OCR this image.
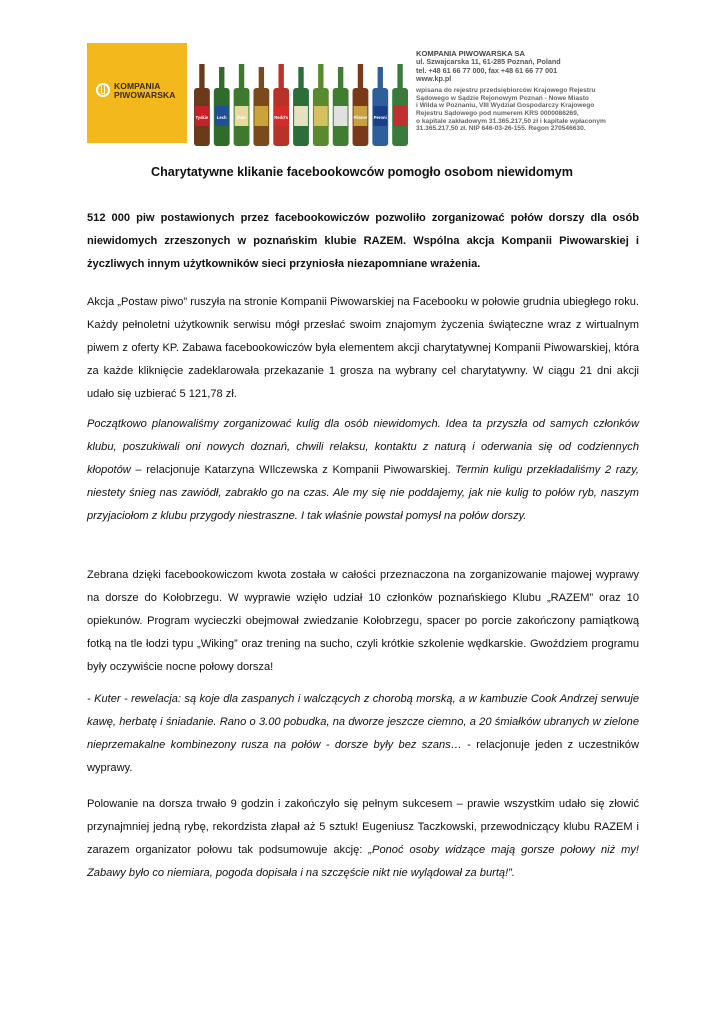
KOMPANIA
PIWOWARSKA
Tyskie Lech Żubr	Redd's	Pilsner Peroni
KOMPANIA PIWOWARSKA SA
ul. Szwajcarska 11, 61-285 Poznań, Poland
tel. +48 61 66 77 000, fax +48 61 66 77 001
www.kp.pl
wpisana do rejestru przedsiębiorców Krajowego Rejestru
Sądowego w Sądzie Rejonowym Poznań - Nowe Miasto
i Wilda w Poznaniu, VIII Wydział Gospodarczy Krajowego
Rejestru Sądowego pod numerem KRS 0000086269,
o kapitale zakładowym 31.365.217,50 zł i kapitale wpłaconym
31.365.217,50 zł. NIP 646-03-26-155. Regon 270546630.
Charytatywne klikanie facebookowców pomogło osobom niewidomym

512 000 piw postawionych przez facebookowiczów pozwoliło zorganizować połów dorszy dla osób niewidomych zrzeszonych w poznańskim klubie RAZEM. Wspólna akcja Kompanii Piwowarskiej i życzliwych innym użytkowników sieci przyniosła niezapomniane wrażenia.

Akcja „Postaw piwo” ruszyła na stronie Kompanii Piwowarskiej na Facebooku w połowie grudnia ubiegłego roku. Każdy pełnoletni użytkownik serwisu mógł przesłać swoim znajomym życzenia świąteczne wraz z wirtualnym piwem z oferty KP. Zabawa facebookowiczów była elementem akcji charytatywnej Kompanii Piwowarskiej, która za każde kliknięcie zadeklarowała przekazanie 1 grosza na wybrany cel charytatywny. W ciągu 21 dni akcji udało się uzbierać 5 121,78 zł.

Początkowo planowaliśmy zorganizować kulig dla osób niewidomych. Idea ta przyszła od samych członków klubu, poszukiwali oni nowych doznań, chwili relaksu, kontaktu z naturą i oderwania się od codziennych kłopotów – relacjonuje Katarzyna WIlczewska z Kompanii Piwowarskiej. Termin kuligu przekładaliśmy 2 razy, niestety śnieg nas zawiódł, zabrakło go na czas. Ale my się nie poddajemy, jak nie kulig to połów ryb, naszym przyjaciołom z klubu przygody niestraszne. I tak właśnie powstał pomysł na połów dorszy.

Zebrana dzięki facebookowiczom kwota została w całości przeznaczona na zorganizowanie majowej wyprawy na dorsze do Kołobrzegu. W wyprawie wzięło udział 10 członków poznańskiego Klubu „RAZEM” oraz 10 opiekunów. Program wycieczki obejmował zwiedzanie Kołobrzegu, spacer po porcie zakończony pamiątkową fotką na tle łodzi typu „Wiking” oraz trening na sucho, czyli krótkie szkolenie wędkarskie. Gwoździem programu były oczywiście nocne połowy dorsza!

- Kuter - rewelacja: są koje dla zaspanych i walczących z chorobą morską, a w kambuzie Cook Andrzej serwuje kawę, herbatę i śniadanie. Rano o 3.00 pobudka, na dworze jeszcze ciemno, a 20 śmiałków ubranych w zielone nieprzemakalne kombinezony rusza na połów - dorsze były bez szans… - relacjonuje jeden z uczestników wyprawy.

Polowanie na dorsza trwało 9 godzin i zakończyło się pełnym sukcesem – prawie wszystkim udało się złowić przynajmniej jedną rybę, rekordzista złapał aż 5 sztuk! Eugeniusz Taczkowski, przewodniczący klubu RAZEM i zarazem organizator połowu tak podsumowuje akcję: „Ponoć osoby widzące mają gorsze połowy niż my! Zabawy było co niemiara, pogoda dopisała i na szczęście nikt nie wylądował za burtą!”.
